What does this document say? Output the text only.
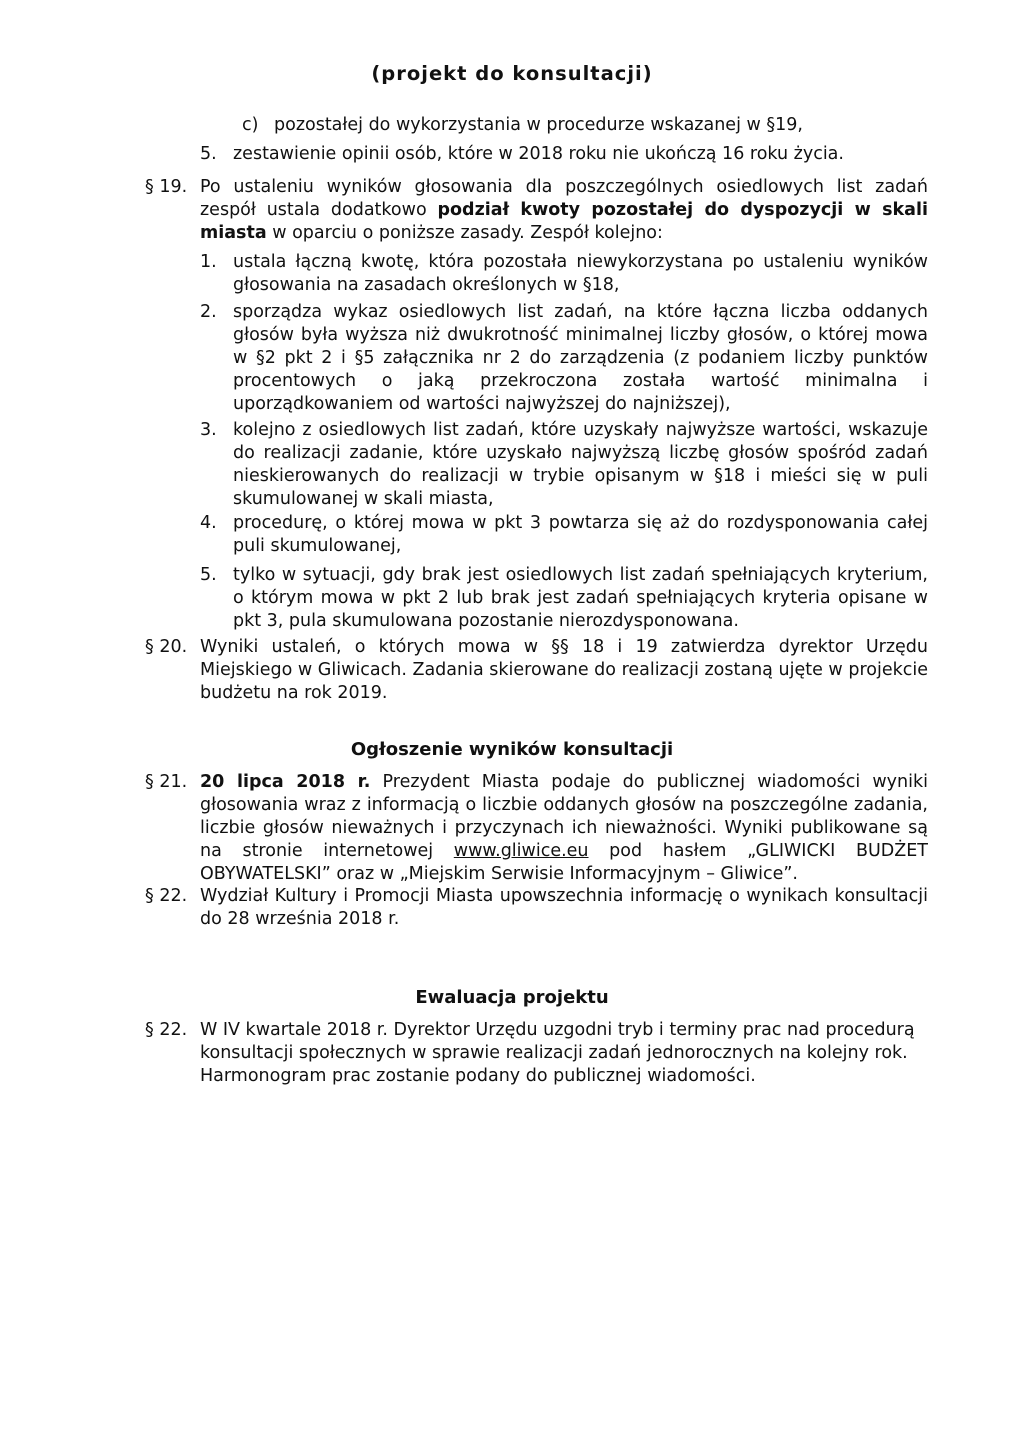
(projekt do konsultacji)
c) pozostałej do wykorzystania w procedurze wskazanej w §19,
5. zestawienie opinii osób, które w 2018 roku nie ukończą 16 roku życia.
§ 19. Po ustaleniu wyników głosowania dla poszczególnych osiedlowych list zadań zespół ustala dodatkowo podział kwoty pozostałej do dyspozycji w skali miasta w oparciu o poniższe zasady. Zespół kolejno:
1. ustala łączną kwotę, która pozostała niewykorzystana po ustaleniu wyników głosowania na zasadach określonych w §18,
2. sporządza wykaz osiedlowych list zadań, na które łączna liczba oddanych głosów była wyższa niż dwukrotność minimalnej liczby głosów, o której mowa w §2 pkt 2 i §5 załącznika nr 2 do zarządzenia (z podaniem liczby punktów procentowych o jaką przekroczona została wartość minimalna i uporządkowaniem od wartości najwyższej do najniższej),
3. kolejno z osiedlowych list zadań, które uzyskały najwyższe wartości, wskazuje do realizacji zadanie, które uzyskało najwyższą liczbę głosów spośród zadań nieskierowanych do realizacji w trybie opisanym w §18 i mieści się w puli skumulowanej w skali miasta,
4. procedurę, o której mowa w pkt 3 powtarza się aż do rozdysponowania całej puli skumulowanej,
5. tylko w sytuacji, gdy brak jest osiedlowych list zadań spełniających kryterium, o którym mowa w pkt 2 lub brak jest zadań spełniających kryteria opisane w pkt 3, pula skumulowana pozostanie nierozdysponowana.
§ 20. Wyniki ustaleń, o których mowa w §§ 18 i 19 zatwierdza dyrektor Urzędu Miejskiego w Gliwicach. Zadania skierowane do realizacji zostaną ujęte w projekcie budżetu na rok 2019.
Ogłoszenie wyników konsultacji
§ 21. 20 lipca 2018 r. Prezydent Miasta podaje do publicznej wiadomości wyniki głosowania wraz z informacją o liczbie oddanych głosów na poszczególne zadania, liczbie głosów nieważnych i przyczynach ich nieważności. Wyniki publikowane są na stronie internetowej www.gliwice.eu pod hasłem „GLIWICKI BUDŻET OBYWATELSKI” oraz w „Miejskim Serwisie Informacyjnym – Gliwice”.
§ 22. Wydział Kultury i Promocji Miasta upowszechnia informację o wynikach konsultacji do 28 września 2018 r.
Ewaluacja projektu
§ 22. W IV kwartale 2018 r. Dyrektor Urzędu uzgodni tryb i terminy prac nad procedurą konsultacji społecznych w sprawie realizacji zadań jednorocznych na kolejny rok. Harmonogram prac zostanie podany do publicznej wiadomości.
